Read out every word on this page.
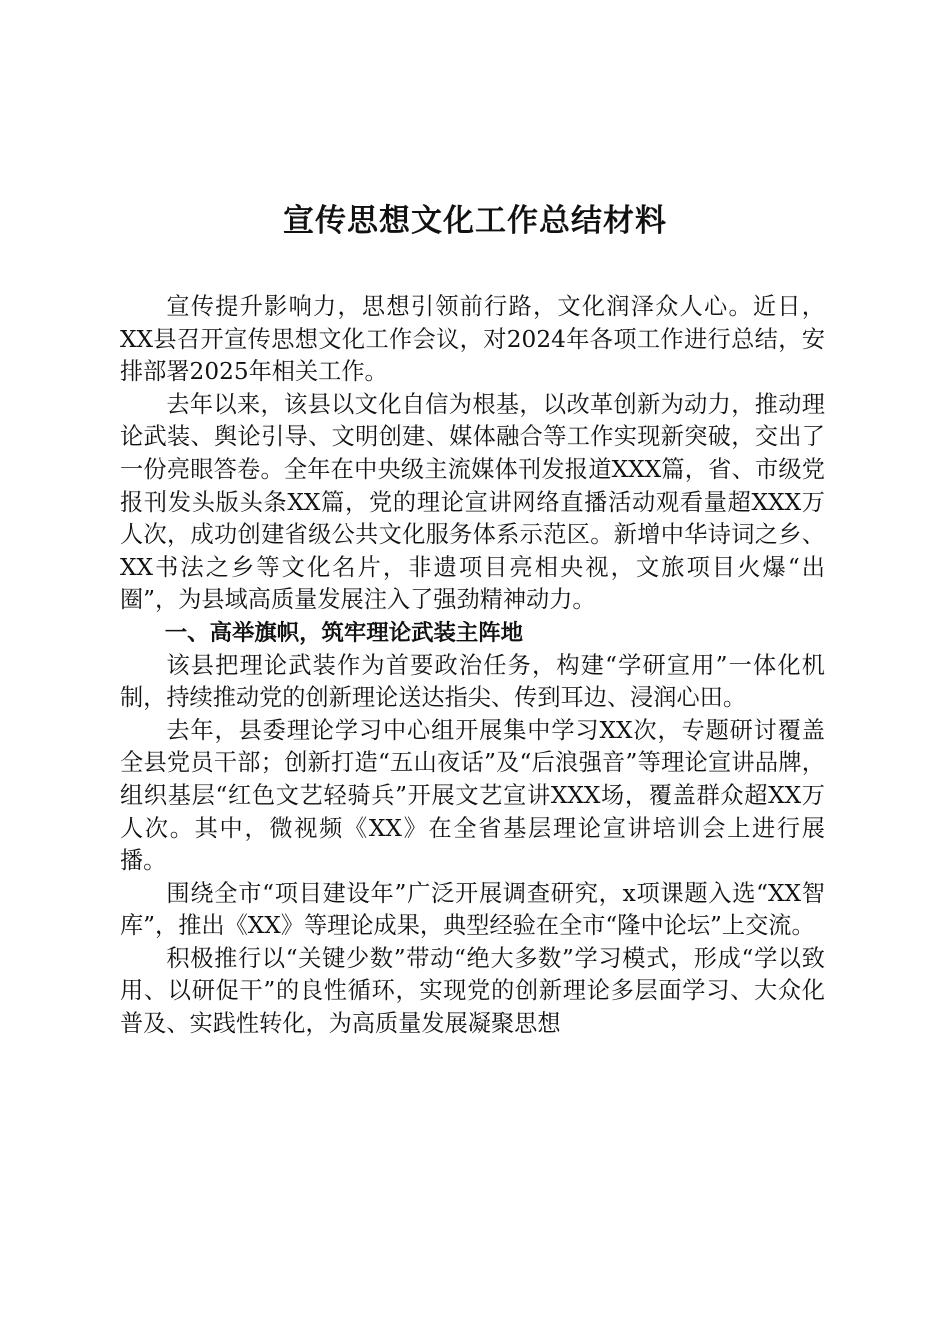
宣传思想文化工作总结材料

宣传提升影响力，思想引领前行路，文化润泽众人心。近日，XX县召开宣传思想文化工作会议，对2024年各项工作进行总结，安排部署2025年相关工作。

去年以来，该县以文化自信为根基，以改革创新为动力，推动理论武装、舆论引导、文明创建、媒体融合等工作实现新突破，交出了一份亮眼答卷。全年在中央级主流媒体刊发报道XXX篇，省、市级党报刊发头版头条XX篇，党的理论宣讲网络直播活动观看量超XXX万人次，成功创建省级公共文化服务体系示范区。新增中华诗词之乡、XX书法之乡等文化名片，非遗项目亮相央视，文旅项目火爆“出圈”，为县域高质量发展注入了强劲精神动力。

一、高举旗帜，筑牢理论武装主阵地

该县把理论武装作为首要政治任务，构建“学研宣用”一体化机制，持续推动党的创新理论送达指尖、传到耳边、浸润心田。

去年，县委理论学习中心组开展集中学习XX次，专题研讨覆盖全县党员干部；创新打造“五山夜话”及“后浪强音”等理论宣讲品牌，组织基层“红色文艺轻骑兵”开展文艺宣讲XXX场，覆盖群众超XX万人次。其中，微视频《XX》在全省基层理论宣讲培训会上进行展播。

围绕全市“项目建设年”广泛开展调查研究，x项课题入选“XX智库”，推出《XX》等理论成果，典型经验在全市“隆中论坛”上交流。

积极推行以“关键少数”带动“绝大多数”学习模式，形成“学以致用、以研促干”的良性循环，实现党的创新理论多层面学习、大众化普及、实践性转化，为高质量发展凝聚思想
